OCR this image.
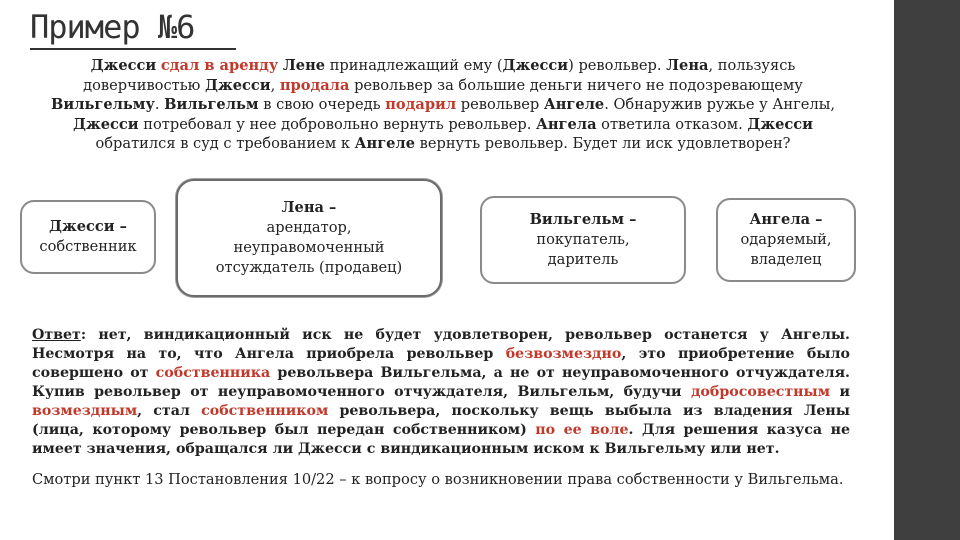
Пример №6
Джесси сдал в аренду Лене принадлежащий ему (Джесси) револьвер. Лена, пользуясь доверчивостью Джесси, продала револьвер за большие деньги ничего не подозревающему Вильгельму. Вильгельм в свою очередь подарил револьвер Ангеле. Обнаружив ружье у Ангелы, Джесси потребовал у нее добровольно вернуть револьвер. Ангела ответила отказом. Джесси обратился в суд с требованием к Ангеле вернуть револьвер. Будет ли иск удовлетворен?
Джесси –
собственник
Лена –
арендатор, неуправомоченный отсуждатель (продавец)
Вильгельм –
покупатель, даритель
Ангела –
одаряемый, владелец
Ответ: нет, виндикационный иск не будет удовлетворен, револьвер останется у Ангелы. Несмотря на то, что Ангела приобрела револьвер безвозмездно, это приобретение было совершено от собственника револьвера Вильгельма, а не от неуправомоченного отчуждателя. Купив револьвер от неуправомоченного отчуждателя, Вильгельм, будучи добросовестным и возмездным, стал собственником револьвера, поскольку вещь выбыла из владения Лены (лица, которому револьвер был передан собственником) по ее воле. Для решения казуса не имеет значения, обращался ли Джесси с виндикационным иском к Вильгельму или нет.
Смотри пункт 13 Постановления 10/22 – к вопросу о возникновении права собственности у Вильгельма.
